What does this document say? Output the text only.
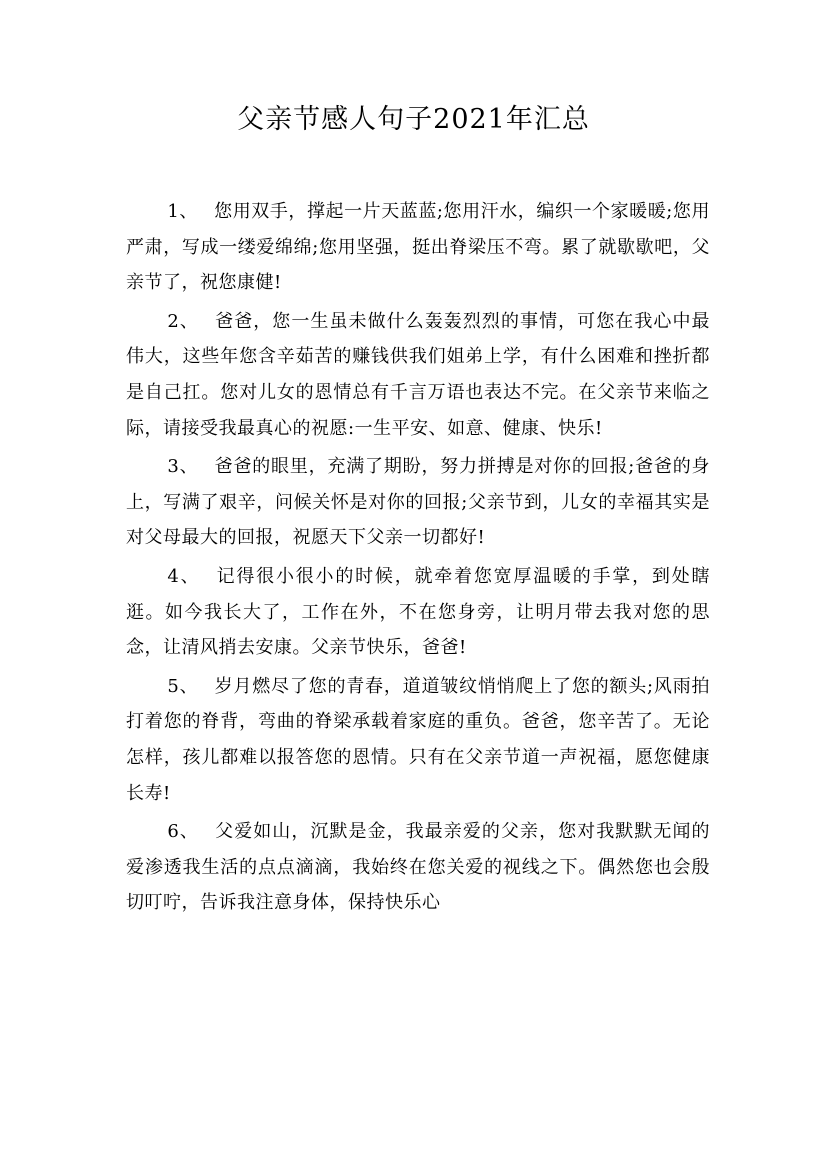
父亲节感人句子2021年汇总

1、 您用双手，撑起一片天蓝蓝;您用汗水，编织一个家暖暖;您用严肃，写成一缕爱绵绵;您用坚强，挺出脊梁压不弯。累了就歇歇吧，父亲节了，祝您康健!

2、 爸爸，您一生虽未做什么轰轰烈烈的事情，可您在我心中最伟大，这些年您含辛茹苦的赚钱供我们姐弟上学，有什么困难和挫折都是自己扛。您对儿女的恩情总有千言万语也表达不完。在父亲节来临之际，请接受我最真心的祝愿:一生平安、如意、健康、快乐!

3、 爸爸的眼里，充满了期盼，努力拼搏是对你的回报;爸爸的身上，写满了艰辛，问候关怀是对你的回报;父亲节到，儿女的幸福其实是对父母最大的回报，祝愿天下父亲一切都好!

4、 记得很小很小的时候，就牵着您宽厚温暖的手掌，到处瞎逛。如今我长大了，工作在外，不在您身旁，让明月带去我对您的思念，让清风捎去安康。父亲节快乐，爸爸!

5、 岁月燃尽了您的青春，道道皱纹悄悄爬上了您的额头;风雨拍打着您的脊背，弯曲的脊梁承载着家庭的重负。爸爸，您辛苦了。无论怎样，孩儿都难以报答您的恩情。只有在父亲节道一声祝福，愿您健康长寿!

6、 父爱如山，沉默是金，我最亲爱的父亲，您对我默默无闻的爱渗透我生活的点点滴滴，我始终在您关爱的视线之下。偶然您也会殷切叮咛，告诉我注意身体，保持快乐心
